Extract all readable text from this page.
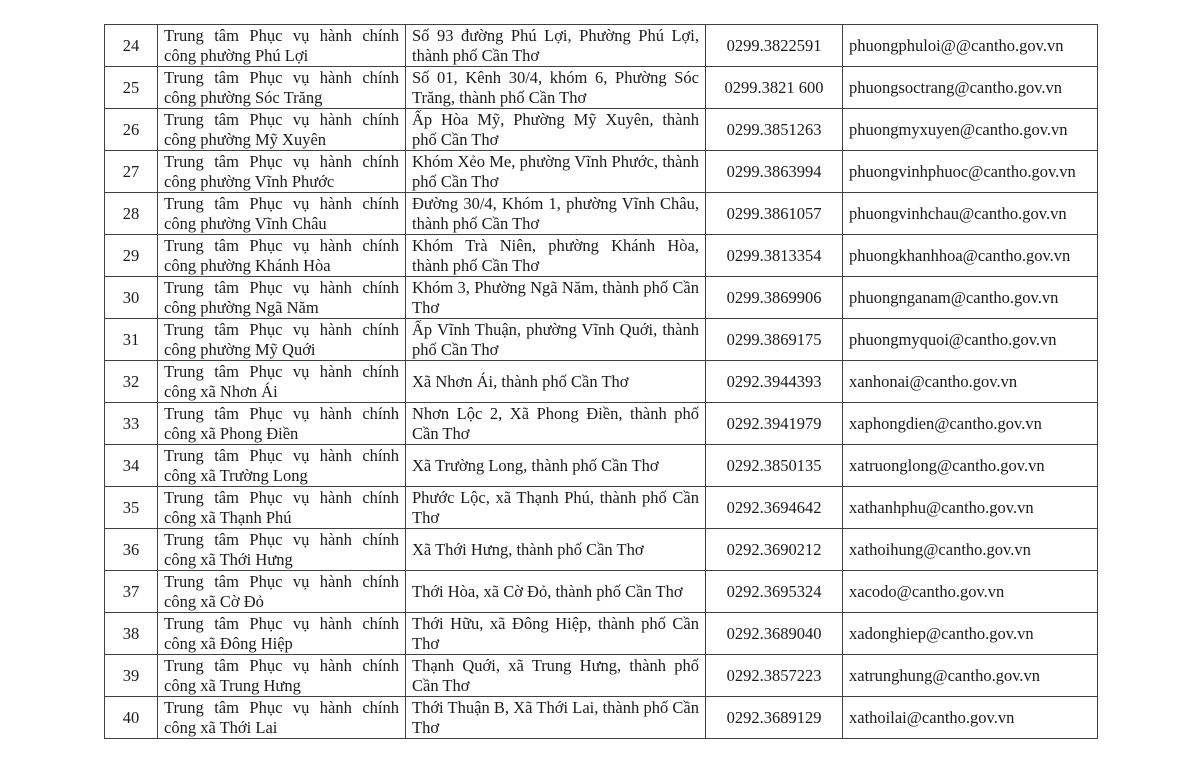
24	Trung tâm Phục vụ hành chính công phường Phú Lợi	Số 93 đường Phú Lợi, Phường Phú Lợi, thành phố Cần Thơ	0299.3822591	phuongphuloi@@cantho.gov.vn
25	Trung tâm Phục vụ hành chính công phường Sóc Trăng	Số 01, Kênh 30/4, khóm 6, Phường Sóc Trăng, thành phố Cần Thơ	0299.3821 600	phuongsoctrang@cantho.gov.vn
26	Trung tâm Phục vụ hành chính công phường Mỹ Xuyên	Ấp Hòa Mỹ, Phường Mỹ Xuyên, thành phố Cần Thơ	0299.3851263	phuongmyxuyen@cantho.gov.vn
27	Trung tâm Phục vụ hành chính công phường Vĩnh Phước	Khóm Xẻo Me, phường Vĩnh Phước, thành phố Cần Thơ	0299.3863994	phuongvinhphuoc@cantho.gov.vn
28	Trung tâm Phục vụ hành chính công phường Vĩnh Châu	Đường 30/4, Khóm 1, phường Vĩnh Châu, thành phố Cần Thơ	0299.3861057	phuongvinhchau@cantho.gov.vn
29	Trung tâm Phục vụ hành chính công phường Khánh Hòa	Khóm Trà Niên, phường Khánh Hòa, thành phố Cần Thơ	0299.3813354	phuongkhanhhoa@cantho.gov.vn
30	Trung tâm Phục vụ hành chính công phường Ngã Năm	Khóm 3, Phường Ngã Năm, thành phố Cần Thơ	0299.3869906	phuongnganam@cantho.gov.vn
31	Trung tâm Phục vụ hành chính công phường Mỹ Quới	Ấp Vĩnh Thuận, phường Vĩnh Quới, thành phố Cần Thơ	0299.3869175	phuongmyquoi@cantho.gov.vn
32	Trung tâm Phục vụ hành chính công xã Nhơn Ái	Xã Nhơn Ái, thành phố Cần Thơ	0292.3944393	xanhonai@cantho.gov.vn
33	Trung tâm Phục vụ hành chính công xã Phong Điền	Nhơn Lộc 2, Xã Phong Điền, thành phố Cần Thơ	0292.3941979	xaphongdien@cantho.gov.vn
34	Trung tâm Phục vụ hành chính công xã Trường Long	Xã Trường Long, thành phố Cần Thơ	0292.3850135	xatruonglong@cantho.gov.vn
35	Trung tâm Phục vụ hành chính công xã Thạnh Phú	Phước Lộc, xã Thạnh Phú, thành phố Cần Thơ	0292.3694642	xathanhphu@cantho.gov.vn
36	Trung tâm Phục vụ hành chính công xã Thới Hưng	Xã Thới Hưng, thành phố Cần Thơ	0292.3690212	xathoihung@cantho.gov.vn
37	Trung tâm Phục vụ hành chính công xã Cờ Đỏ	Thới Hòa, xã Cờ Đỏ, thành phố Cần Thơ	0292.3695324	xacodo@cantho.gov.vn
38	Trung tâm Phục vụ hành chính công xã Đông Hiệp	Thới Hữu, xã Đông Hiệp, thành phố Cần Thơ	0292.3689040	xadonghiep@cantho.gov.vn
39	Trung tâm Phục vụ hành chính công xã Trung Hưng	Thạnh Quới, xã Trung Hưng, thành phố Cần Thơ	0292.3857223	xatrunghung@cantho.gov.vn
40	Trung tâm Phục vụ hành chính công xã Thới Lai	Thới Thuận B, Xã Thới Lai, thành phố Cần Thơ	0292.3689129	xathoilai@cantho.gov.vn
